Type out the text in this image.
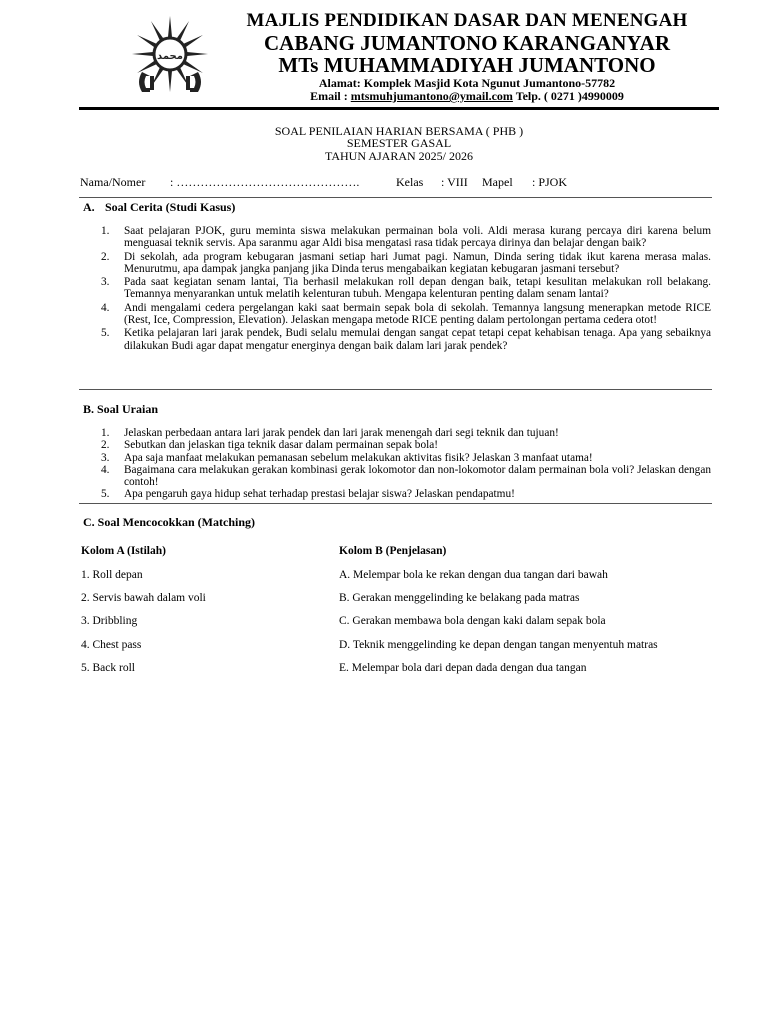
محمد
MAJLIS PENDIDIKAN DASAR DAN MENENGAH
CABANG JUMANTONO KARANGANYAR
MTs MUHAMMADIYAH JUMANTONO
Alamat: Komplek Masjid Kota Ngunut Jumantono-57782
Email : mtsmuhjumantono@ymail.com Telp. ( 0271 )4990009
SOAL PENILAIAN HARIAN BERSAMA ( PHB )
SEMESTER GASAL
TAHUN AJARAN 2025/ 2026
Nama/Nomer : ……………………………………….	Kelas : VIII Mapel : PJOK
A. Soal Cerita (Studi Kasus)
1. Saat pelajaran PJOK, guru meminta siswa melakukan permainan bola voli. Aldi merasa kurang percaya diri karena belum menguasai teknik servis. Apa saranmu agar Aldi bisa mengatasi rasa tidak percaya dirinya dan belajar dengan baik?
2. Di sekolah, ada program kebugaran jasmani setiap hari Jumat pagi. Namun, Dinda sering tidak ikut karena merasa malas. Menurutmu, apa dampak jangka panjang jika Dinda terus mengabaikan kegiatan kebugaran jasmani tersebut?
3. Pada saat kegiatan senam lantai, Tia berhasil melakukan roll depan dengan baik, tetapi kesulitan melakukan roll belakang. Temannya menyarankan untuk melatih kelenturan tubuh. Mengapa kelenturan penting dalam senam lantai?
4. Andi mengalami cedera pergelangan kaki saat bermain sepak bola di sekolah. Temannya langsung menerapkan metode RICE (Rest, Ice, Compression, Elevation). Jelaskan mengapa metode RICE penting dalam pertolongan pertama cedera otot!
5. Ketika pelajaran lari jarak pendek, Budi selalu memulai dengan sangat cepat tetapi cepat kehabisan tenaga. Apa yang sebaiknya dilakukan Budi agar dapat mengatur energinya dengan baik dalam lari jarak pendek?
B. Soal Uraian
1. Jelaskan perbedaan antara lari jarak pendek dan lari jarak menengah dari segi teknik dan tujuan!
2. Sebutkan dan jelaskan tiga teknik dasar dalam permainan sepak bola!
3. Apa saja manfaat melakukan pemanasan sebelum melakukan aktivitas fisik? Jelaskan 3 manfaat utama!
4. Bagaimana cara melakukan gerakan kombinasi gerak lokomotor dan non-lokomotor dalam permainan bola voli? Jelaskan dengan contoh!
5. Apa pengaruh gaya hidup sehat terhadap prestasi belajar siswa? Jelaskan pendapatmu!
C. Soal Mencocokkan (Matching)
Kolom A (Istilah)	Kolom B (Penjelasan)
1. Roll depan	A. Melempar bola ke rekan dengan dua tangan dari bawah
2. Servis bawah dalam voli	B. Gerakan menggelinding ke belakang pada matras
3. Dribbling	C. Gerakan membawa bola dengan kaki dalam sepak bola
4. Chest pass	D. Teknik menggelinding ke depan dengan tangan menyentuh matras
5. Back roll	E. Melempar bola dari depan dada dengan dua tangan
